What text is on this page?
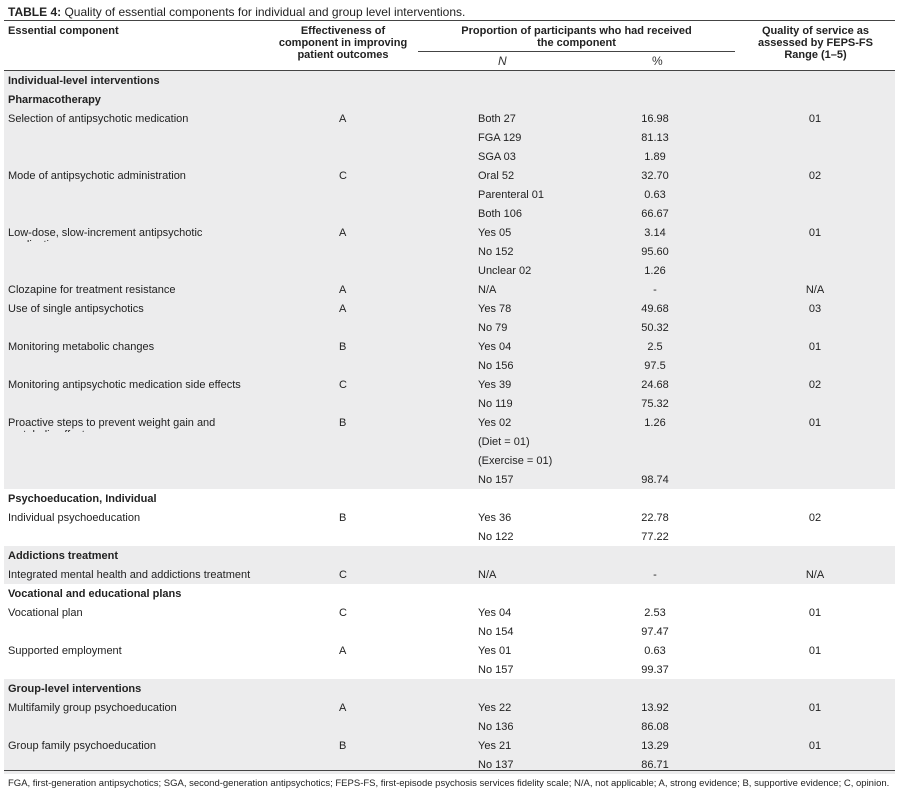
TABLE 4: Quality of essential components for individual and group level interventions.
Essential component	Effectiveness of
component in improving
patient outcomes
Proportion of participants who had received
the component
Quality of service as
assessed by FEPS-FS
Range (1–5)
N	%
Individual-level interventions
Pharmacotherapy
Selection of antipsychotic medication	A	Both 27	16.98	01
FGA 129	81.13
SGA 03	1.89
Mode of antipsychotic administration	C	Oral 52	32.70	02
Parenteral 01	0.63
Both 106	66.67
Low-dose, slow-increment antipsychotic	A	Yes 05	3.14	01
No 152	95.60
Unclear 02	1.26
Clozapine for treatment resistance	A	N/A	-	N/A
Use of single antipsychotics	A	Yes 78	49.68	03
No 79	50.32
Monitoring metabolic changes	B	Yes 04	2.5	01
No 156	97.5
Monitoring antipsychotic medication side effects	C	Yes 39	24.68	02
No 119	75.32
Proactive steps to prevent weight gain and	B	Yes 02	1.26	01
(Diet = 01)
(Exercise = 01)
No 157	98.74
Psychoeducation, Individual
Individual psychoeducation	B	Yes 36	22.78	02
No 122	77.22
Addictions treatment
Integrated mental health and addictions treatment	C	N/A	-	N/A
Vocational and educational plans
Vocational plan	C	Yes 04	2.53	01
No 154	97.47
Supported employment	A	Yes 01	0.63	01
No 157	99.37
Group-level interventions
Multifamily group psychoeducation	A	Yes 22	13.92	01
No 136	86.08
Group family psychoeducation	B	Yes 21	13.29	01
No 137	86.71
FGA, first-generation antipsychotics; SGA, second-generation antipsychotics; FEPS-FS, first-episode psychosis services fidelity scale; N/A, not applicable; A, strong evidence; B, supportive evidence; C, opinion.
